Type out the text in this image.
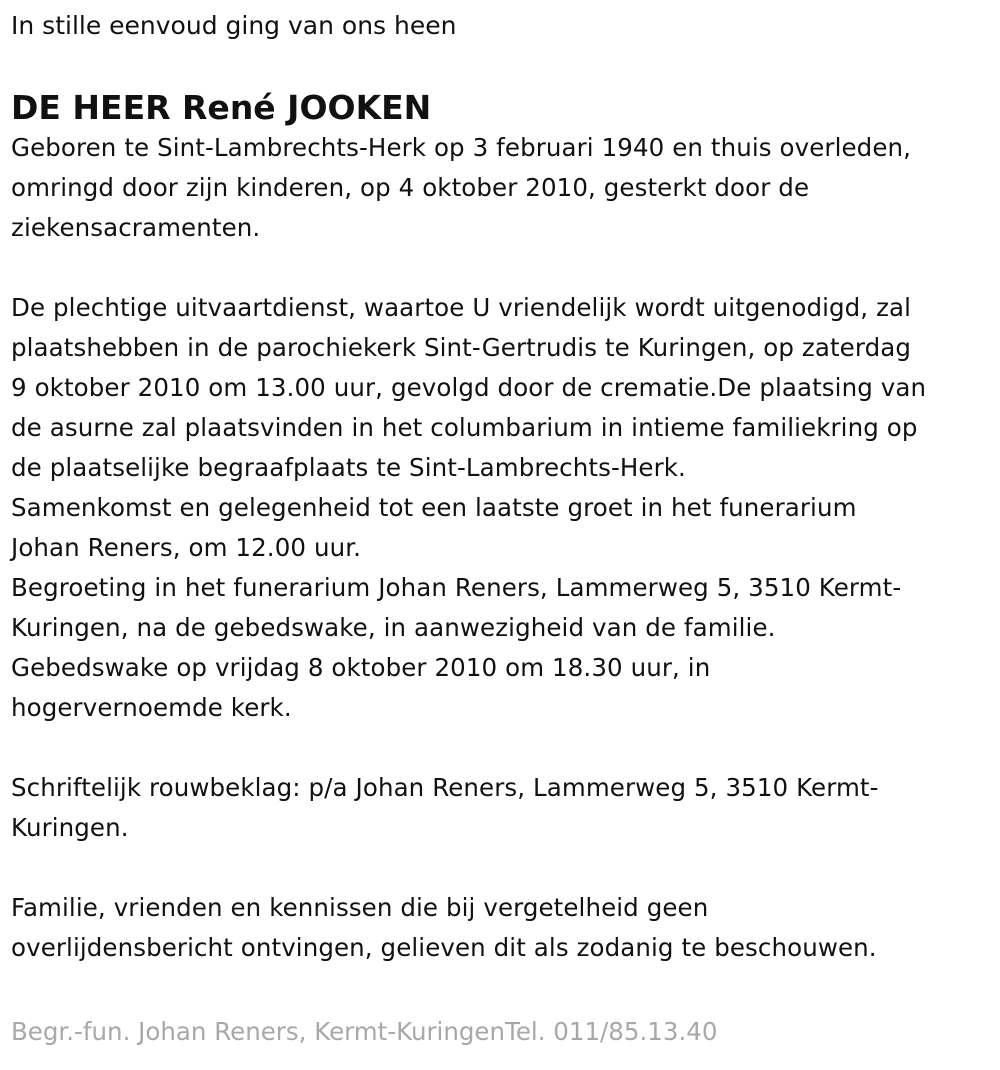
In stille eenvoud ging van ons heen

DE HEER René JOOKEN
Geboren te Sint-Lambrechts-Herk op 3 februari 1940 en thuis overleden,
omringd door zijn kinderen, op 4 oktober 2010, gesterkt door de
ziekensacramenten.
De plechtige uitvaartdienst, waartoe U vriendelijk wordt uitgenodigd, zal
plaatshebben in de parochiekerk Sint-Gertrudis te Kuringen, op zaterdag
9 oktober 2010 om 13.00 uur, gevolgd door de crematie.De plaatsing van
de asurne zal plaatsvinden in het columbarium in intieme familiekring op
de plaatselijke begraafplaats te Sint-Lambrechts-Herk.
Samenkomst en gelegenheid tot een laatste groet in het funerarium
Johan Reners, om 12.00 uur.
Begroeting in het funerarium Johan Reners, Lammerweg 5, 3510 Kermt-
Kuringen, na de gebedswake, in aanwezigheid van de familie.
Gebedswake op vrijdag 8 oktober 2010 om 18.30 uur, in
hogervernoemde kerk.
Schriftelijk rouwbeklag: p/a Johan Reners, Lammerweg 5, 3510 Kermt-
Kuringen.
Familie, vrienden en kennissen die bij vergetelheid geen
overlijdensbericht ontvingen, gelieven dit als zodanig te beschouwen.
Begr.-fun. Johan Reners, Kermt-KuringenTel. 011/85.13.40
